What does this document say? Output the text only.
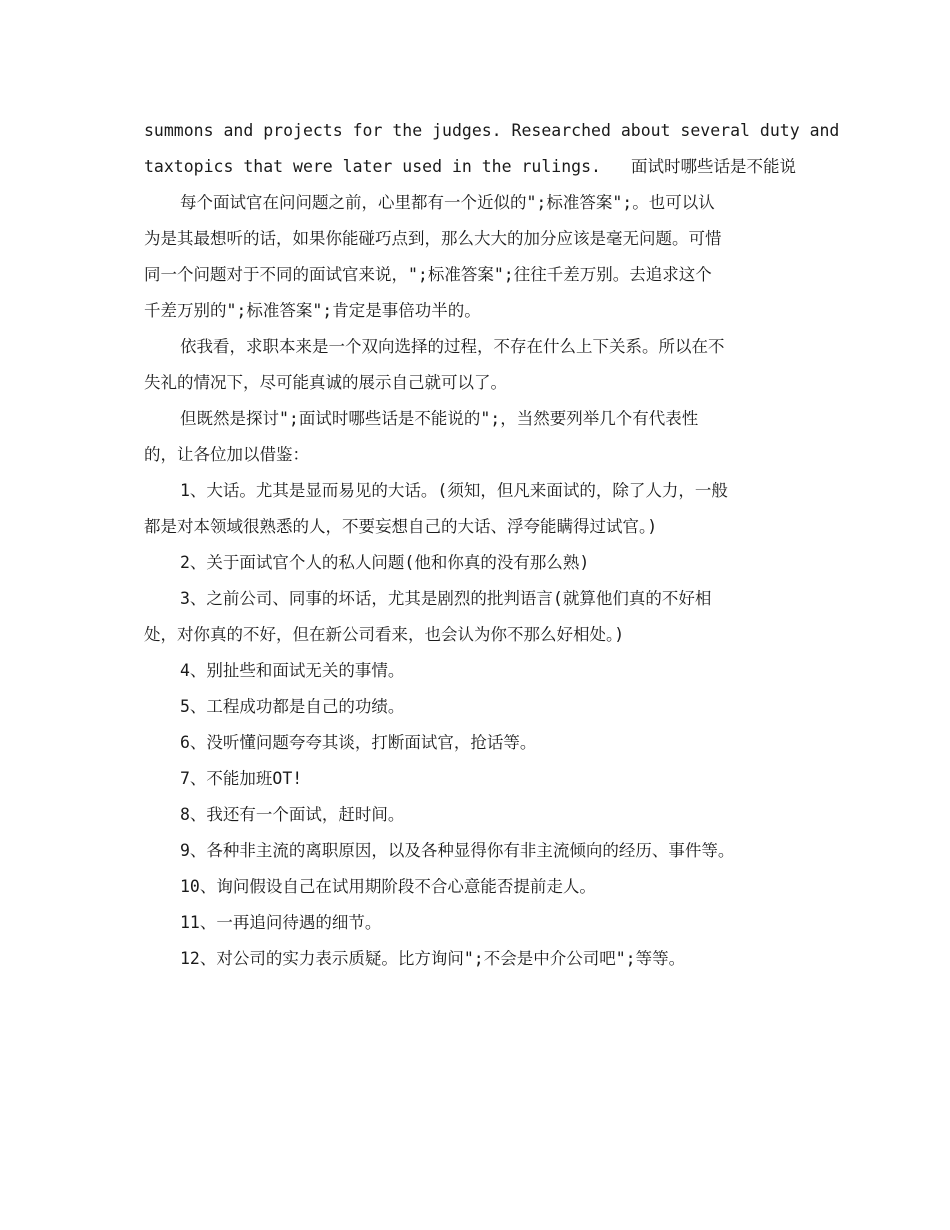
summons and projects for the judges. Researched about several duty and
taxtopics that were later used in the rulings. 面试时哪些话是不能说
每个面试官在问问题之前，心里都有一个近似的";标准答案";。也可以认
为是其最想听的话，如果你能碰巧点到，那么大大的加分应该是毫无问题。可惜
同一个问题对于不同的面试官来说，";标准答案";往往千差万别。去追求这个
千差万别的";标准答案";肯定是事倍功半的。
依我看，求职本来是一个双向选择的过程，不存在什么上下关系。所以在不
失礼的情况下，尽可能真诚的展示自己就可以了。
但既然是探讨";面试时哪些话是不能说的";，当然要列举几个有代表性
的，让各位加以借鉴：
1、大话。尤其是显而易见的大话。(须知，但凡来面试的，除了人力，一般
都是对本领域很熟悉的人，不要妄想自己的大话、浮夸能瞒得过试官。)
2、关于面试官个人的私人问题(他和你真的没有那么熟)
3、之前公司、同事的坏话，尤其是剧烈的批判语言(就算他们真的不好相
处，对你真的不好，但在新公司看来，也会认为你不那么好相处。)
4、别扯些和面试无关的事情。
5、工程成功都是自己的功绩。
6、没听懂问题夸夸其谈，打断面试官，抢话等。
7、不能加班OT!
8、我还有一个面试，赶时间。
9、各种非主流的离职原因，以及各种显得你有非主流倾向的经历、事件等。
10、询问假设自己在试用期阶段不合心意能否提前走人。
11、一再追问待遇的细节。
12、对公司的实力表示质疑。比方询问";不会是中介公司吧";等等。
